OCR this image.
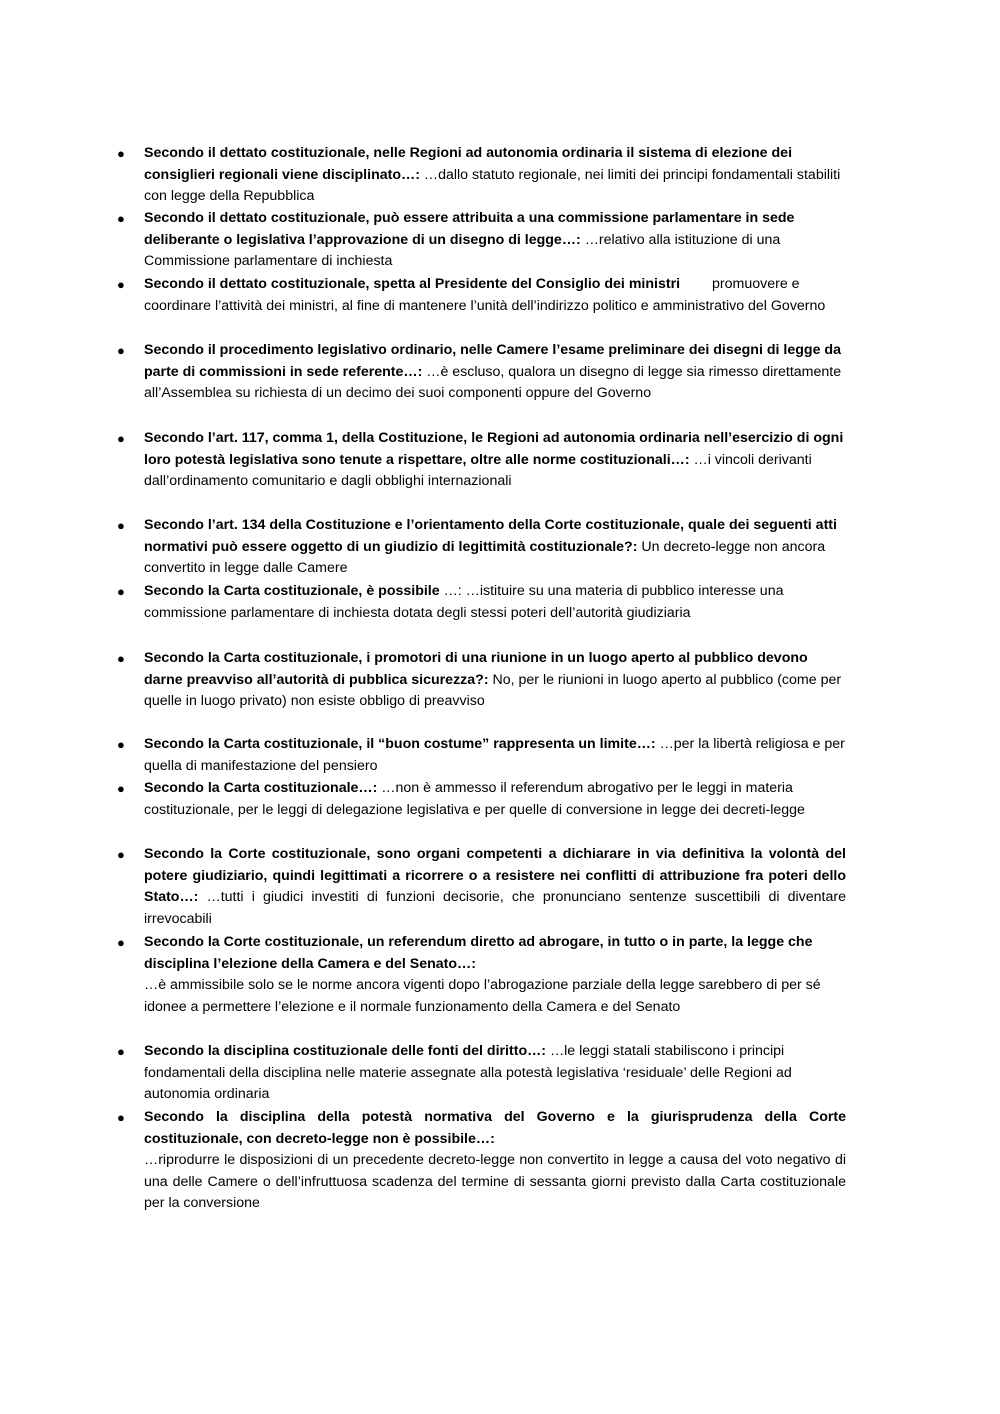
● Secondo il dettato costituzionale, nelle Regioni ad autonomia ordinaria il sistema di elezione dei consiglieri regionali viene disciplinato…: …dallo statuto regionale, nei limiti dei principi fondamentali stabiliti con legge della Repubblica
● Secondo il dettato costituzionale, può essere attribuita a una commissione parlamentare in sede deliberante o legislativa l’approvazione di un disegno di legge…: …relativo alla istituzione di una Commissione parlamentare di inchiesta
● Secondo il dettato costituzionale, spetta al Presidente del Consiglio dei ministri promuovere e coordinare l’attività dei ministri, al fine di mantenere l’unità dell’indirizzo politico e amministrativo del Governo
● Secondo il procedimento legislativo ordinario, nelle Camere l’esame preliminare dei disegni di legge da parte di commissioni in sede referente…: …è escluso, qualora un disegno di legge sia rimesso direttamente all’Assemblea su richiesta di un decimo dei suoi componenti oppure del Governo
● Secondo l’art. 117, comma 1, della Costituzione, le Regioni ad autonomia ordinaria nell’esercizio di ogni loro potestà legislativa sono tenute a rispettare, oltre alle norme costituzionali…: …i vincoli derivanti dall’ordinamento comunitario e dagli obblighi internazionali
● Secondo l’art. 134 della Costituzione e l’orientamento della Corte costituzionale, quale dei seguenti atti normativi può essere oggetto di un giudizio di legittimità costituzionale?: Un decreto-legge non ancora convertito in legge dalle Camere
● Secondo la Carta costituzionale, è possibile …: …istituire su una materia di pubblico interesse una commissione parlamentare di inchiesta dotata degli stessi poteri dell’autorità giudiziaria
● Secondo la Carta costituzionale, i promotori di una riunione in un luogo aperto al pubblico devono darne preavviso all’autorità di pubblica sicurezza?: No, per le riunioni in luogo aperto al pubblico (come per quelle in luogo privato) non esiste obbligo di preavviso
● Secondo la Carta costituzionale, il “buon costume” rappresenta un limite…: …per la libertà religiosa e per quella di manifestazione del pensiero
● Secondo la Carta costituzionale…: …non è ammesso il referendum abrogativo per le leggi in materia costituzionale, per le leggi di delegazione legislativa e per quelle di conversione in legge dei decreti-legge
● Secondo la Corte costituzionale, sono organi competenti a dichiarare in via definitiva la volontà del potere giudiziario, quindi legittimati a ricorrere o a resistere nei conflitti di attribuzione fra poteri dello Stato…: …tutti i giudici investiti di funzioni decisorie, che pronunciano sentenze suscettibili di diventare irrevocabili
● Secondo la Corte costituzionale, un referendum diretto ad abrogare, in tutto o in parte, la legge che disciplina l’elezione della Camera e del Senato…:
…è ammissibile solo se le norme ancora vigenti dopo l’abrogazione parziale della legge sarebbero di per sé idonee a permettere l’elezione e il normale funzionamento della Camera e del Senato
● Secondo la disciplina costituzionale delle fonti del diritto…: …le leggi statali stabiliscono i principi fondamentali della disciplina nelle materie assegnate alla potestà legislativa ‘residuale’ delle Regioni ad autonomia ordinaria
● Secondo la disciplina della potestà normativa del Governo e la giurisprudenza della Corte costituzionale, con decreto-legge non è possibile…:
…riprodurre le disposizioni di un precedente decreto-legge non convertito in legge a causa del voto negativo di una delle Camere o dell’infruttuosa scadenza del termine di sessanta giorni previsto dalla Carta costituzionale per la conversione
